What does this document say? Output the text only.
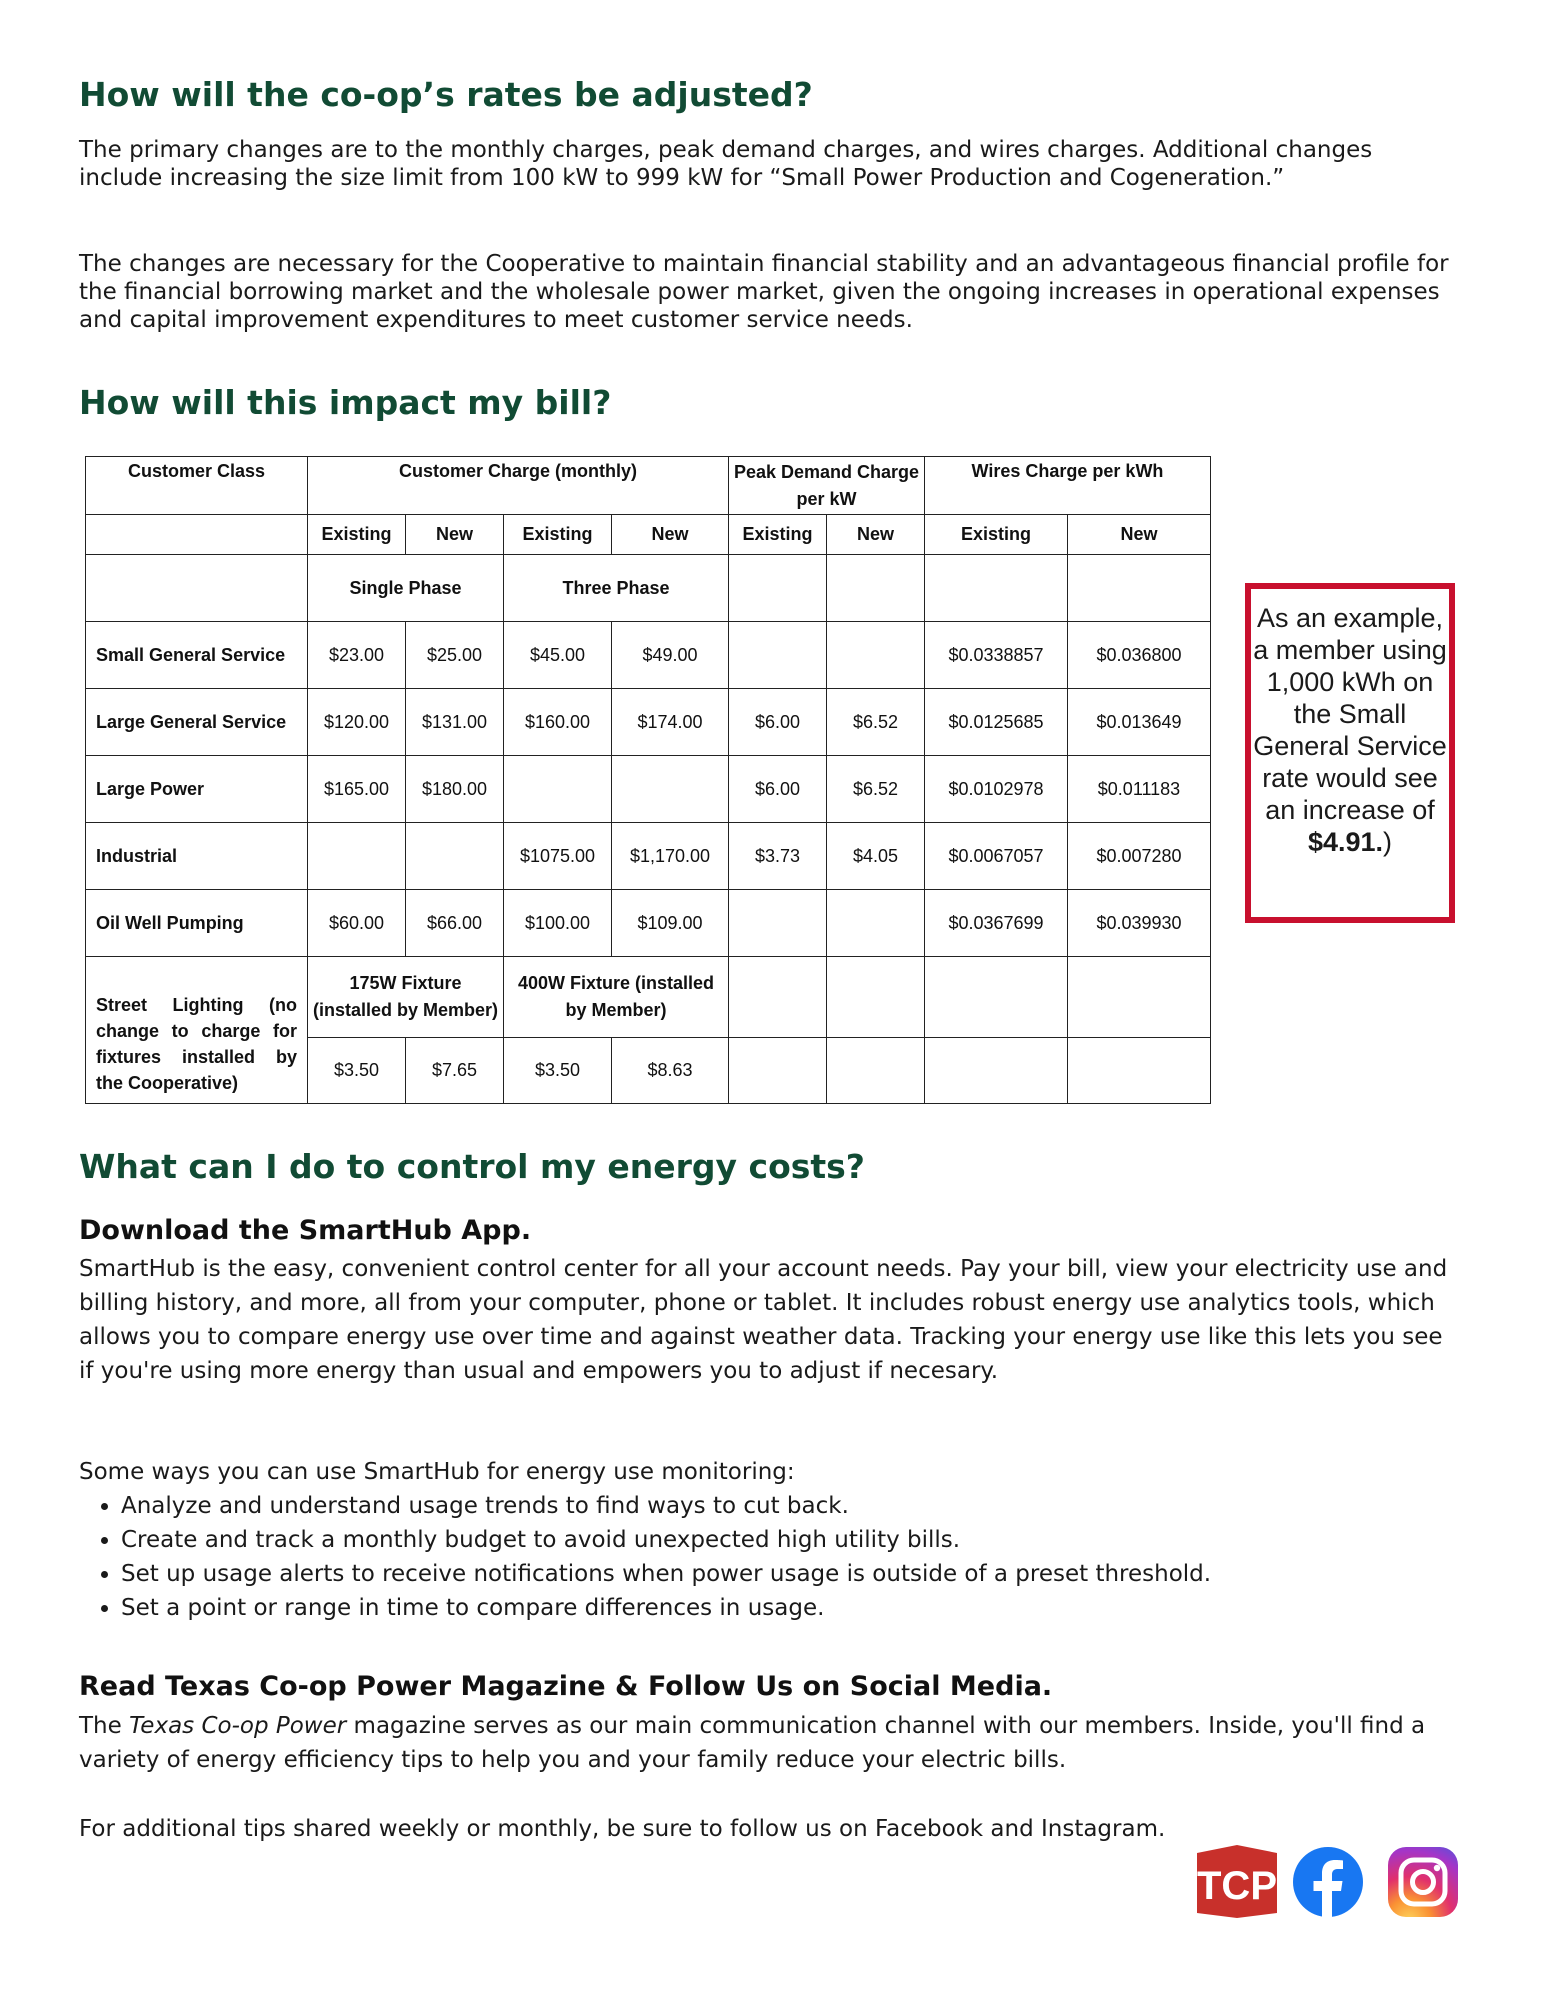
How will the co-op’s rates be adjusted?

The primary changes are to the monthly charges, peak demand charges, and wires charges. Additional changes include increasing the size limit from 100 kW to 999 kW for “Small Power Production and Cogeneration.”

The changes are necessary for the Cooperative to maintain financial stability and an advantageous financial profile for the financial borrowing market and the wholesale power market, given the ongoing increases in operational expenses and capital improvement expenditures to meet customer service needs.

How will this impact my bill?
Customer Class	Customer Charge (monthly)				Peak Demand Charge per kW		Wires Charge per kWh	
	Existing	New	Existing	New	Existing	New	Existing	New
	Single Phase		Three Phase					
Small General Service	$23.00	$25.00	$45.00	$49.00			$0.0338857	$0.036800
Large General Service	$120.00	$131.00	$160.00	$174.00	$6.00	$6.52	$0.0125685	$0.013649
Large Power	$165.00	$180.00			$6.00	$6.52	$0.0102978	$0.011183
Industrial			$1075.00	$1,170.00	$3.73	$4.05	$0.0067057	$0.007280
Oil Well Pumping	$60.00	$66.00	$100.00	$109.00			$0.0367699	$0.039930
Street Lighting (no change to charge for fixtures installed by the Cooperative)	175W Fixture (installed by Member)		400W Fixture (installed by Member)					
	$3.50	$7.65	$3.50	$8.63				
What can I do to control my energy costs?
Download the SmartHub App.

SmartHub is the easy, convenient control center for all your account needs. Pay your bill, view your electricity use and billing history, and more, all from your computer, phone or tablet. It includes robust energy use analytics tools, which allows you to compare energy use over time and against weather data. Tracking your energy use like this lets you see if you're using more energy than usual and empowers you to adjust if necesary.

Some ways you can use SmartHub for energy use monitoring:

• Analyze and understand usage trends to find ways to cut back.
• Create and track a monthly budget to avoid unexpected high utility bills.
• Set up usage alerts to receive notifications when power usage is outside of a preset threshold.
• Set a point or range in time to compare differences in usage.
Read Texas Co-op Power Magazine & Follow Us on Social Media.

The Texas Co-op Power magazine serves as our main communication channel with our members. Inside, you'll find a variety of energy efficiency tips to help you and your family reduce your electric bills.

For additional tips shared weekly or monthly, be sure to follow us on Facebook and Instagram.

As an example, a member using 1,000 kWh on the Small General Service rate would see an increase of $4.91.)
TCP
